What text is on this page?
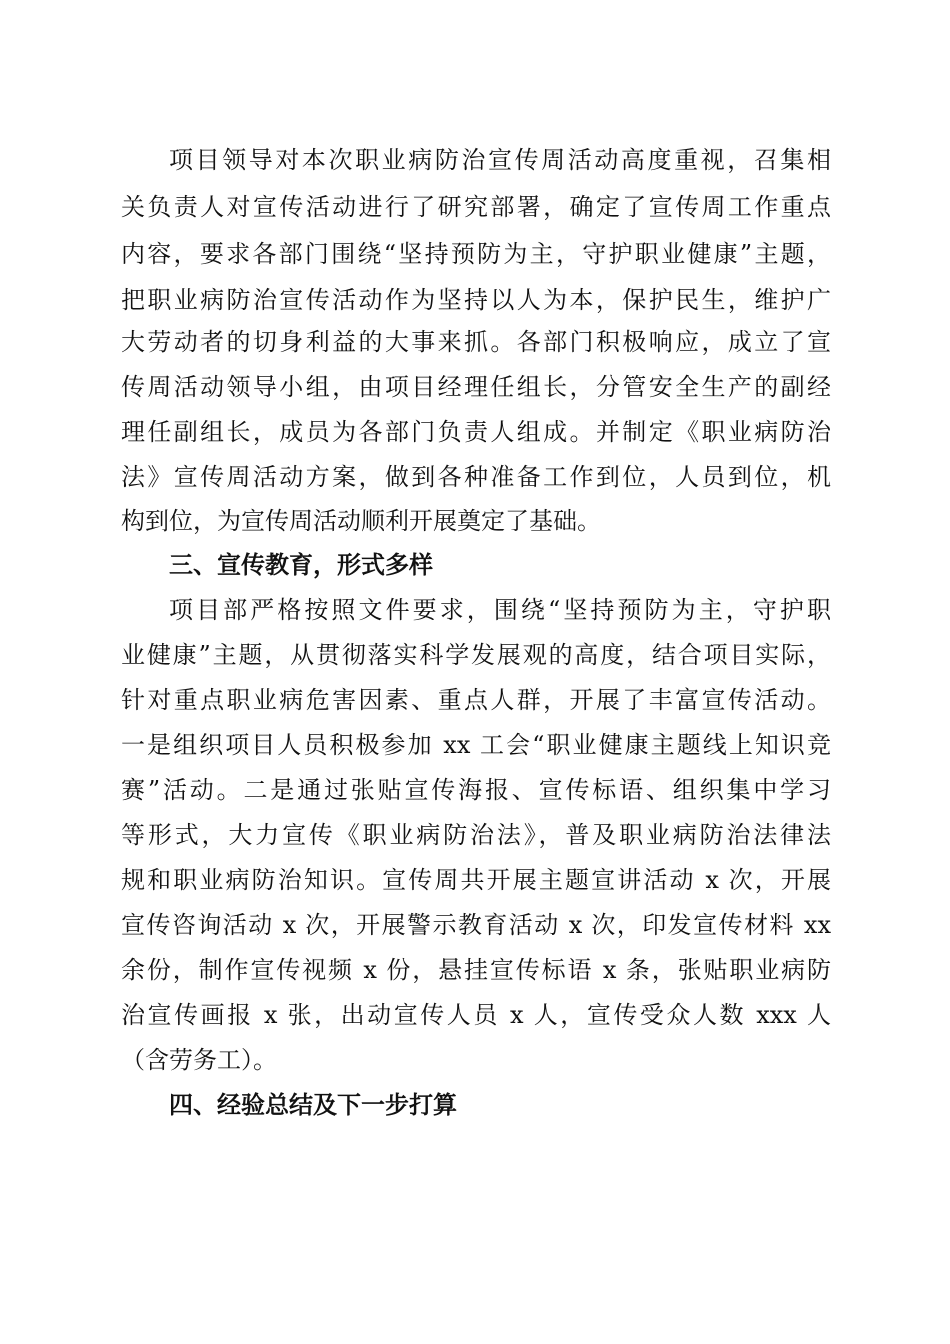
项目领导对本次职业病防治宣传周活动高度重视，召集相
关负责人对宣传活动进行了研究部署，确定了宣传周工作重点
内容，要求各部门围绕“坚持预防为主，守护职业健康”主题，
把职业病防治宣传活动作为坚持以人为本，保护民生，维护广
大劳动者的切身利益的大事来抓。各部门积极响应，成立了宣
传周活动领导小组，由项目经理任组长，分管安全生产的副经
理任副组长，成员为各部门负责人组成。并制定《职业病防治
法》宣传周活动方案，做到各种准备工作到位，人员到位，机
构到位，为宣传周活动顺利开展奠定了基础。
三、宣传教育，形式多样
项目部严格按照文件要求，围绕“坚持预防为主，守护职
业健康”主题，从贯彻落实科学发展观的高度，结合项目实际，
针对重点职业病危害因素、重点人群，开展了丰富宣传活动。
一是组织项目人员积极参加 xx 工会“职业健康主题线上知识竞
赛”活动。二是通过张贴宣传海报、宣传标语、组织集中学习
等形式，大力宣传《职业病防治法》，普及职业病防治法律法
规和职业病防治知识。宣传周共开展主题宣讲活动 x 次，开展
宣传咨询活动 x 次，开展警示教育活动 x 次，印发宣传材料 xx
余份，制作宣传视频 x 份，悬挂宣传标语 x 条，张贴职业病防
治宣传画报 x 张，出动宣传人员 x 人，宣传受众人数 xxx 人
（含劳务工）。
四、经验总结及下一步打算
